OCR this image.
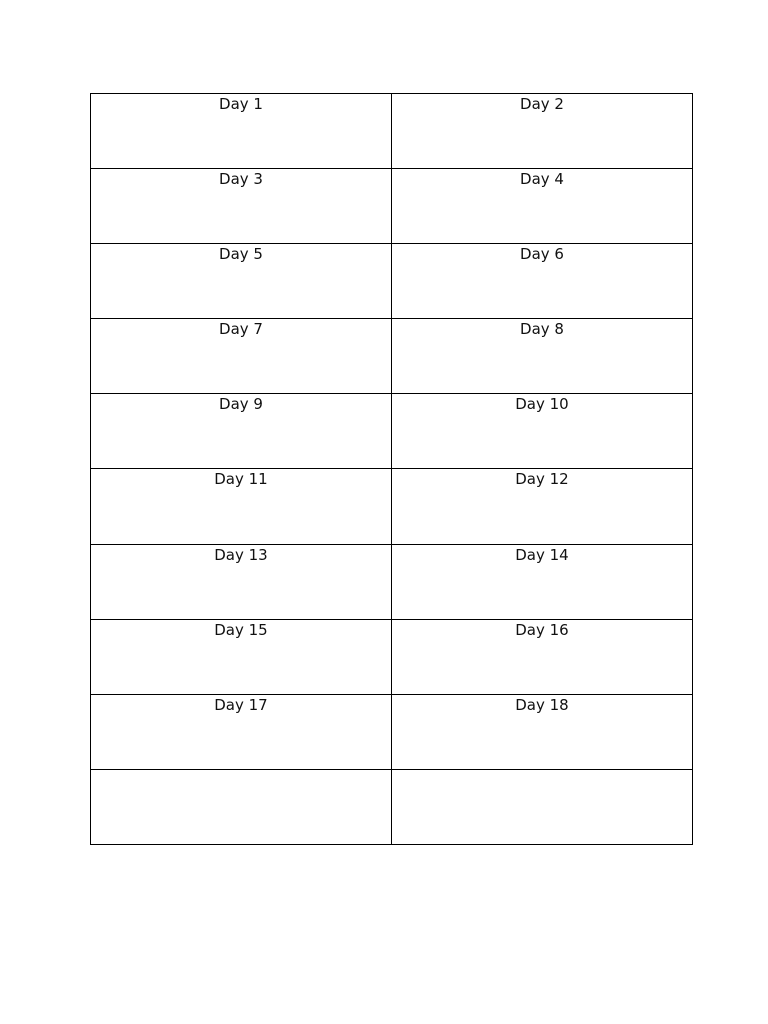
Day 1	Day 2

Day 3	Day 4

Day 5	Day 6

Day 7	Day 8

Day 9	Day 10

Day 11	Day 12

Day 13	Day 14

Day 15	Day 16

Day 17	Day 18
